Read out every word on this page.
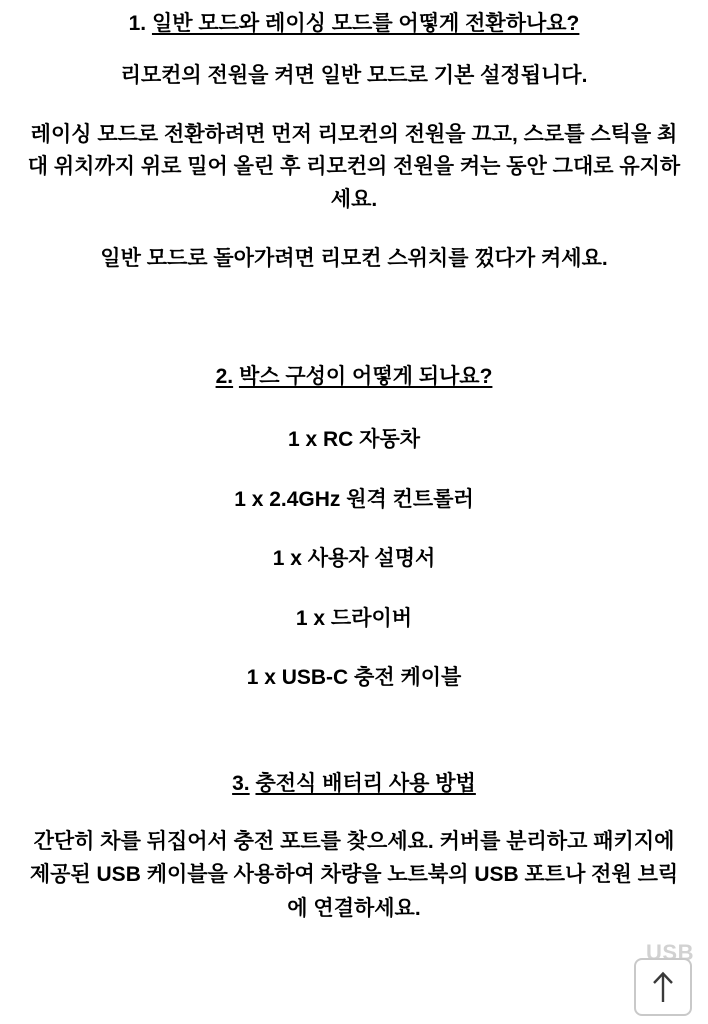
1. 일반 모드와 레이싱 모드를 어떻게 전환하나요?

리모컨의 전원을 켜면 일반 모드로 기본 설정됩니다.

레이싱 모드로 전환하려면 먼저 리모컨의 전원을 끄고, 스로틀 스틱을 최대 위치까지 위로 밀어 올린 후 리모컨의 전원을 켜는 동안 그대로 유지하세요.

일반 모드로 돌아가려면 리모컨 스위치를 껐다가 켜세요.

2. 박스 구성이 어떻게 되나요?

1 x RC 자동차

1 x 2.4GHz 원격 컨트롤러

1 x 사용자 설명서

1 x 드라이버

1 x USB-C 충전 케이블

3. 충전식 배터리 사용 방법

간단히 차를 뒤집어서 충전 포트를 찾으세요. 커버를 분리하고 패키지에 제공된 USB 케이블을 사용하여 차량을 노트북의 USB 포트나 전원 브릭에 연결하세요.

USB
